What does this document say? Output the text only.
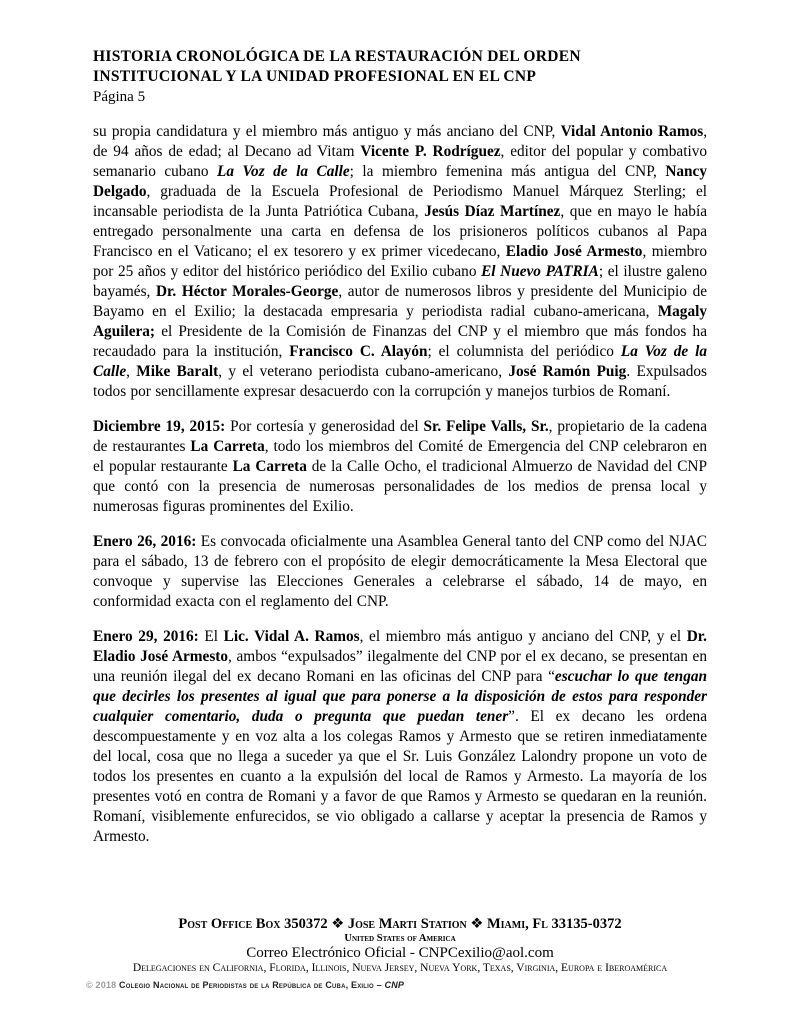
HISTORIA CRONOLÓGICA DE LA RESTAURACIÓN DEL ORDEN
INSTITUCIONAL Y LA UNIDAD PROFESIONAL EN EL CNP
Página 5

su propia candidatura y el miembro más antiguo y más anciano del CNP, Vidal Antonio Ramos, de 94 años de edad; al Decano ad Vitam Vicente P. Rodríguez, editor del popular y combativo semanario cubano La Voz de la Calle; la miembro femenina más antigua del CNP, Nancy Delgado, graduada de la Escuela Profesional de Periodismo Manuel Márquez Sterling; el incansable periodista de la Junta Patriótica Cubana, Jesús Díaz Martínez, que en mayo le había entregado personalmente una carta en defensa de los prisioneros políticos cubanos al Papa Francisco en el Vaticano; el ex tesorero y ex primer vicedecano, Eladio José Armesto, miembro por 25 años y editor del histórico periódico del Exilio cubano El Nuevo PATRIA; el ilustre galeno bayamés, Dr. Héctor Morales-George, autor de numerosos libros y presidente del Municipio de Bayamo en el Exilio; la destacada empresaria y periodista radial cubano-americana, Magaly Aguilera; el Presidente de la Comisión de Finanzas del CNP y el miembro que más fondos ha recaudado para la institución, Francisco C. Alayón; el columnista del periódico La Voz de la Calle, Mike Baralt, y el veterano periodista cubano-americano, José Ramón Puig. Expulsados todos por sencillamente expresar desacuerdo con la corrupción y manejos turbios de Romaní.

Diciembre 19, 2015: Por cortesía y generosidad del Sr. Felipe Valls, Sr., propietario de la cadena de restaurantes La Carreta, todo los miembros del Comité de Emergencia del CNP celebraron en el popular restaurante La Carreta de la Calle Ocho, el tradicional Almuerzo de Navidad del CNP que contó con la presencia de numerosas personalidades de los medios de prensa local y numerosas figuras prominentes del Exilio.

Enero 26, 2016: Es convocada oficialmente una Asamblea General tanto del CNP como del NJAC para el sábado, 13 de febrero con el propósito de elegir democráticamente la Mesa Electoral que convoque y supervise las Elecciones Generales a celebrarse el sábado, 14 de mayo, en conformidad exacta con el reglamento del CNP.

Enero 29, 2016: El Lic. Vidal A. Ramos, el miembro más antiguo y anciano del CNP, y el Dr. Eladio José Armesto, ambos “expulsados” ilegalmente del CNP por el ex decano, se presentan en una reunión ilegal del ex decano Romani en las oficinas del CNP para “escuchar lo que tengan que decirles los presentes al igual que para ponerse a la disposición de estos para responder cualquier comentario, duda o pregunta que puedan tener”. El ex decano les ordena descompuestamente y en voz alta a los colegas Ramos y Armesto que se retiren inmediatamente del local, cosa que no llega a suceder ya que el Sr. Luis González Lalondry propone un voto de todos los presentes en cuanto a la expulsión del local de Ramos y Armesto. La mayoría de los presentes votó en contra de Romani y a favor de que Ramos y Armesto se quedaran en la reunión. Romaní, visiblemente enfurecidos, se vio obligado a callarse y aceptar la presencia de Ramos y Armesto.

Post Office Box 350372 ❖ Jose Marti Station ❖ Miami, Fl 33135-0372
United States of America
Correo Electrónico Oficial - CNPCexilio@aol.com
Delegaciones en California, Florida, Illinois, Nueva Jersey, Nueva York, Texas, Virginia, Europa e Iberoamérica
© 2018 Colegio Nacional de Periodistas de la República de Cuba, Exilio – CNP
